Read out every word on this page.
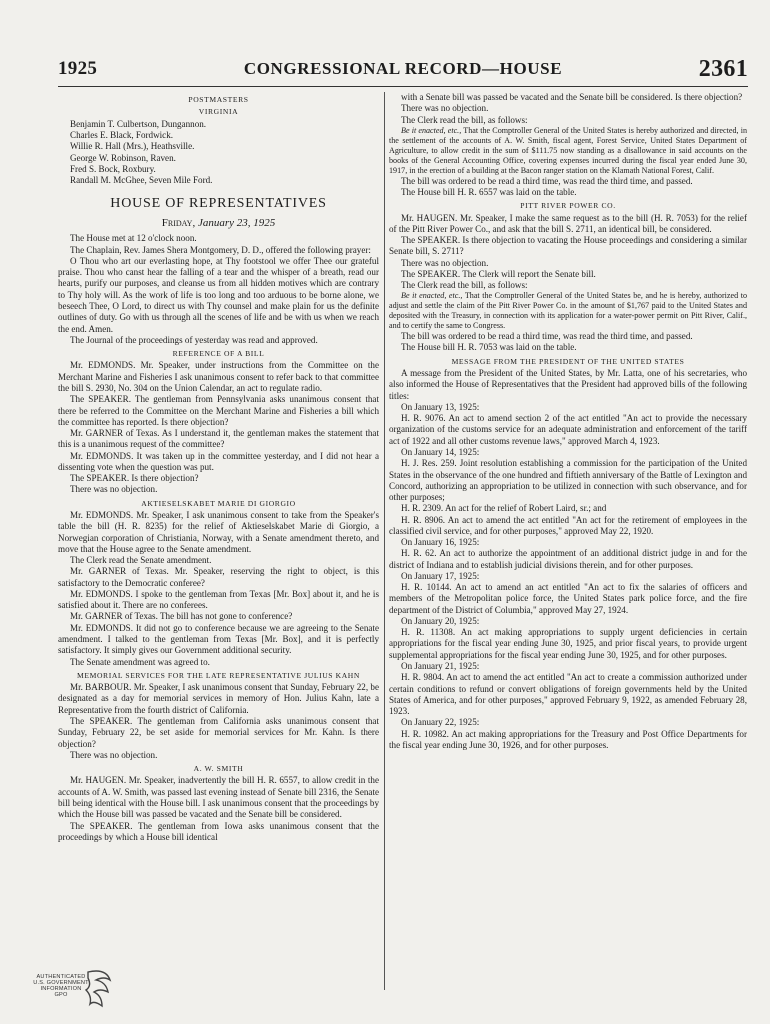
1925	CONGRESSIONAL RECORD—HOUSE	2361
POSTMASTERS
VIRGINIA

Benjamin T. Culbertson, Dungannon.

Charles E. Black, Fordwick.

Willie R. Hall (Mrs.), Heathsville.

George W. Robinson, Raven.

Fred S. Bock, Roxbury.

Randall M. McGhee, Seven Mile Ford.

HOUSE OF REPRESENTATIVES
Friday, January 23, 1925

The House met at 12 o'clock noon.

The Chaplain, Rev. James Shera Montgomery, D. D., offered the following prayer:

O Thou who art our everlasting hope, at Thy footstool we offer Thee our grateful praise. Thou who canst hear the falling of a tear and the whisper of a breath, read our hearts, purify our purposes, and cleanse us from all hidden motives which are contrary to Thy holy will. As the work of life is too long and too arduous to be borne alone, we beseech Thee, O Lord, to direct us with Thy counsel and make plain for us the definite outlines of duty. Go with us through all the scenes of life and be with us when we reach the end. Amen.

The Journal of the proceedings of yesterday was read and approved.

REFERENCE OF A BILL

Mr. EDMONDS. Mr. Speaker, under instructions from the Committee on the Merchant Marine and Fisheries I ask unanimous consent to refer back to that committee the bill S. 2930, No. 304 on the Union Calendar, an act to regulate radio.

The SPEAKER. The gentleman from Pennsylvania asks unanimous consent that there be referred to the Committee on the Merchant Marine and Fisheries a bill which the committee has reported. Is there objection?

Mr. GARNER of Texas. As I understand it, the gentleman makes the statement that this is a unanimous request of the committee?

Mr. EDMONDS. It was taken up in the committee yesterday, and I did not hear a dissenting vote when the question was put.

The SPEAKER. Is there objection?

There was no objection.

AKTIESELSKABET MARIE DI GIORGIO

Mr. EDMONDS. Mr. Speaker, I ask unanimous consent to take from the Speaker's table the bill (H. R. 8235) for the relief of Aktieselskabet Marie di Giorgio, a Norwegian corporation of Christiania, Norway, with a Senate amendment thereto, and move that the House agree to the Senate amendment.

The Clerk read the Senate amendment.

Mr. GARNER of Texas. Mr. Speaker, reserving the right to object, is this satisfactory to the Democratic conferee?

Mr. EDMONDS. I spoke to the gentleman from Texas [Mr. Box] about it, and he is satisfied about it. There are no conferees.

Mr. GARNER of Texas. The bill has not gone to conference?

Mr. EDMONDS. It did not go to conference because we are agreeing to the Senate amendment. I talked to the gentleman from Texas [Mr. Box], and it is perfectly satisfactory. It simply gives our Government additional security.

The Senate amendment was agreed to.

MEMORIAL SERVICES FOR THE LATE REPRESENTATIVE JULIUS KAHN

Mr. BARBOUR. Mr. Speaker, I ask unanimous consent that Sunday, February 22, be designated as a day for memorial services in memory of Hon. Julius Kahn, late a Representative from the fourth district of California.

The SPEAKER. The gentleman from California asks unanimous consent that Sunday, February 22, be set aside for memorial services for Mr. Kahn. Is there objection?

There was no objection.

A. W. SMITH

Mr. HAUGEN. Mr. Speaker, inadvertently the bill H. R. 6557, to allow credit in the accounts of A. W. Smith, was passed last evening instead of Senate bill 2316, the Senate bill being identical with the House bill. I ask unanimous consent that the proceedings by which the House bill was passed be vacated and the Senate bill be considered.

The SPEAKER. The gentleman from Iowa asks unanimous consent that the proceedings by which a House bill identical

with a Senate bill was passed be vacated and the Senate bill be considered. Is there objection?

There was no objection.

The Clerk read the bill, as follows:

Be it enacted, etc., That the Comptroller General of the United States is hereby authorized and directed, in the settlement of the accounts of A. W. Smith, fiscal agent, Forest Service, United States Department of Agriculture, to allow credit in the sum of $111.75 now standing as a disallowance in said accounts on the books of the General Accounting Office, covering expenses incurred during the fiscal year ended June 30, 1917, in the erection of a building at the Bacon ranger station on the Klamath National Forest, Calif.

The bill was ordered to be read a third time, was read the third time, and passed.

The House bill H. R. 6557 was laid on the table.

PITT RIVER POWER CO.

Mr. HAUGEN. Mr. Speaker, I make the same request as to the bill (H. R. 7053) for the relief of the Pitt River Power Co., and ask that the bill S. 2711, an identical bill, be considered.

The SPEAKER. Is there objection to vacating the House proceedings and considering a similar Senate bill, S. 2711?

There was no objection.

The SPEAKER. The Clerk will report the Senate bill.

The Clerk read the bill, as follows:

Be it enacted, etc., That the Comptroller General of the United States be, and he is hereby, authorized to adjust and settle the claim of the Pitt River Power Co. in the amount of $1,767 paid to the United States and deposited with the Treasury, in connection with its application for a water-power permit on Pitt River, Calif., and to certify the same to Congress.

The bill was ordered to be read a third time, was read the third time, and passed.

The House bill H. R. 7053 was laid on the table.

MESSAGE FROM THE PRESIDENT OF THE UNITED STATES

A message from the President of the United States, by Mr. Latta, one of his secretaries, who also informed the House of Representatives that the President had approved bills of the following titles:

On January 13, 1925:

H. R. 9076. An act to amend section 2 of the act entitled "An act to provide the necessary organization of the customs service for an adequate administration and enforcement of the tariff act of 1922 and all other customs revenue laws," approved March 4, 1923.

On January 14, 1925:

H. J. Res. 259. Joint resolution establishing a commission for the participation of the United States in the observance of the one hundred and fiftieth anniversary of the Battle of Lexington and Concord, authorizing an appropriation to be utilized in connection with such observance, and for other purposes;

H. R. 2309. An act for the relief of Robert Laird, sr.; and

H. R. 8906. An act to amend the act entitled "An act for the retirement of employees in the classified civil service, and for other purposes," approved May 22, 1920.

On January 16, 1925:

H. R. 62. An act to authorize the appointment of an additional district judge in and for the district of Indiana and to establish judicial divisions therein, and for other purposes.

On January 17, 1925:

H. R. 10144. An act to amend an act entitled "An act to fix the salaries of officers and members of the Metropolitan police force, the United States park police force, and the fire department of the District of Columbia," approved May 27, 1924.

On January 20, 1925:

H. R. 11308. An act making appropriations to supply urgent deficiencies in certain appropriations for the fiscal year ending June 30, 1925, and prior fiscal years, to provide urgent supplemental appropriations for the fiscal year ending June 30, 1925, and for other purposes.

On January 21, 1925:

H. R. 9804. An act to amend the act entitled "An act to create a commission authorized under certain conditions to refund or convert obligations of foreign governments held by the United States of America, and for other purposes," approved February 9, 1922, as amended February 28, 1923.

On January 22, 1925:

H. R. 10982. An act making appropriations for the Treasury and Post Office Departments for the fiscal year ending June 30, 1926, and for other purposes.

AUTHENTICATED
U.S. GOVERNMENT
INFORMATION
GPO
